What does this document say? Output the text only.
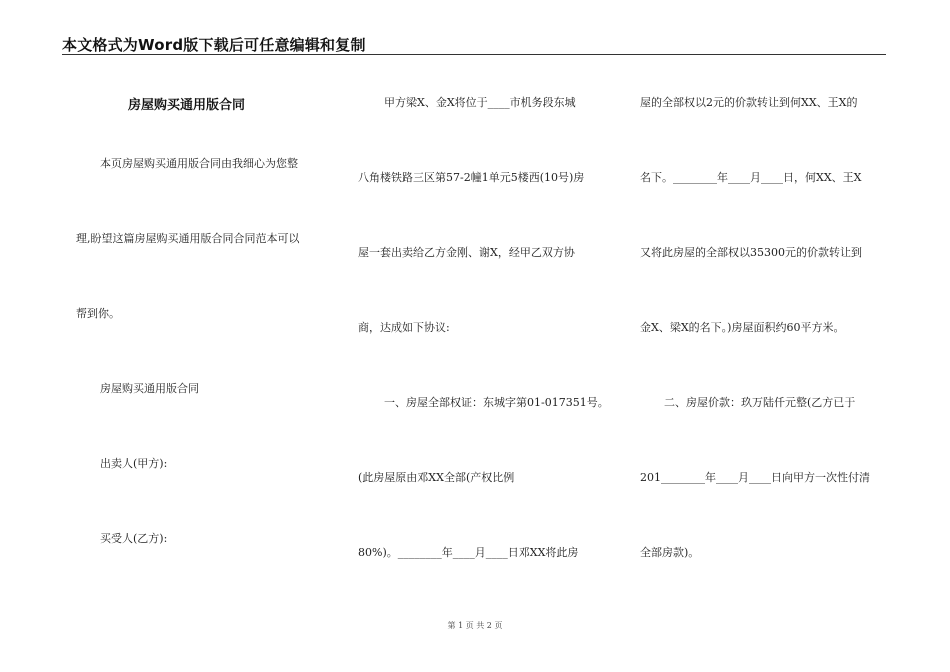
本文格式为Word版下载后可任意编辑和复制
房屋购买通用版合同
本页房屋购买通用版合同由我细心为您整
理,盼望这篇房屋购买通用版合同合同范本可以
帮到你。
房屋购买通用版合同
出卖人(甲方):
买受人(乙方):
甲方梁X、金X将位于____市机务段东城
八角楼铁路三区第57-2幢1单元5楼西(10号)房
屋一套出卖给乙方金刚、谢X，经甲乙双方协
商，达成如下协议:
一、房屋全部权证：东城字第01-017351号。
(此房屋原由邓XX全部(产权比例
80%)。________年____月____日邓XX将此房
屋的全部权以2元的价款转让到何XX、王X的
名下。________年____月____日，何XX、王X
又将此房屋的全部权以35300元的价款转让到
金X、梁X的名下。)房屋面积约60平方米。
二、房屋价款：玖万陆仟元整(乙方已于
201________年____月____日向甲方一次性付清
全部房款)。
第 1 页 共 2 页
